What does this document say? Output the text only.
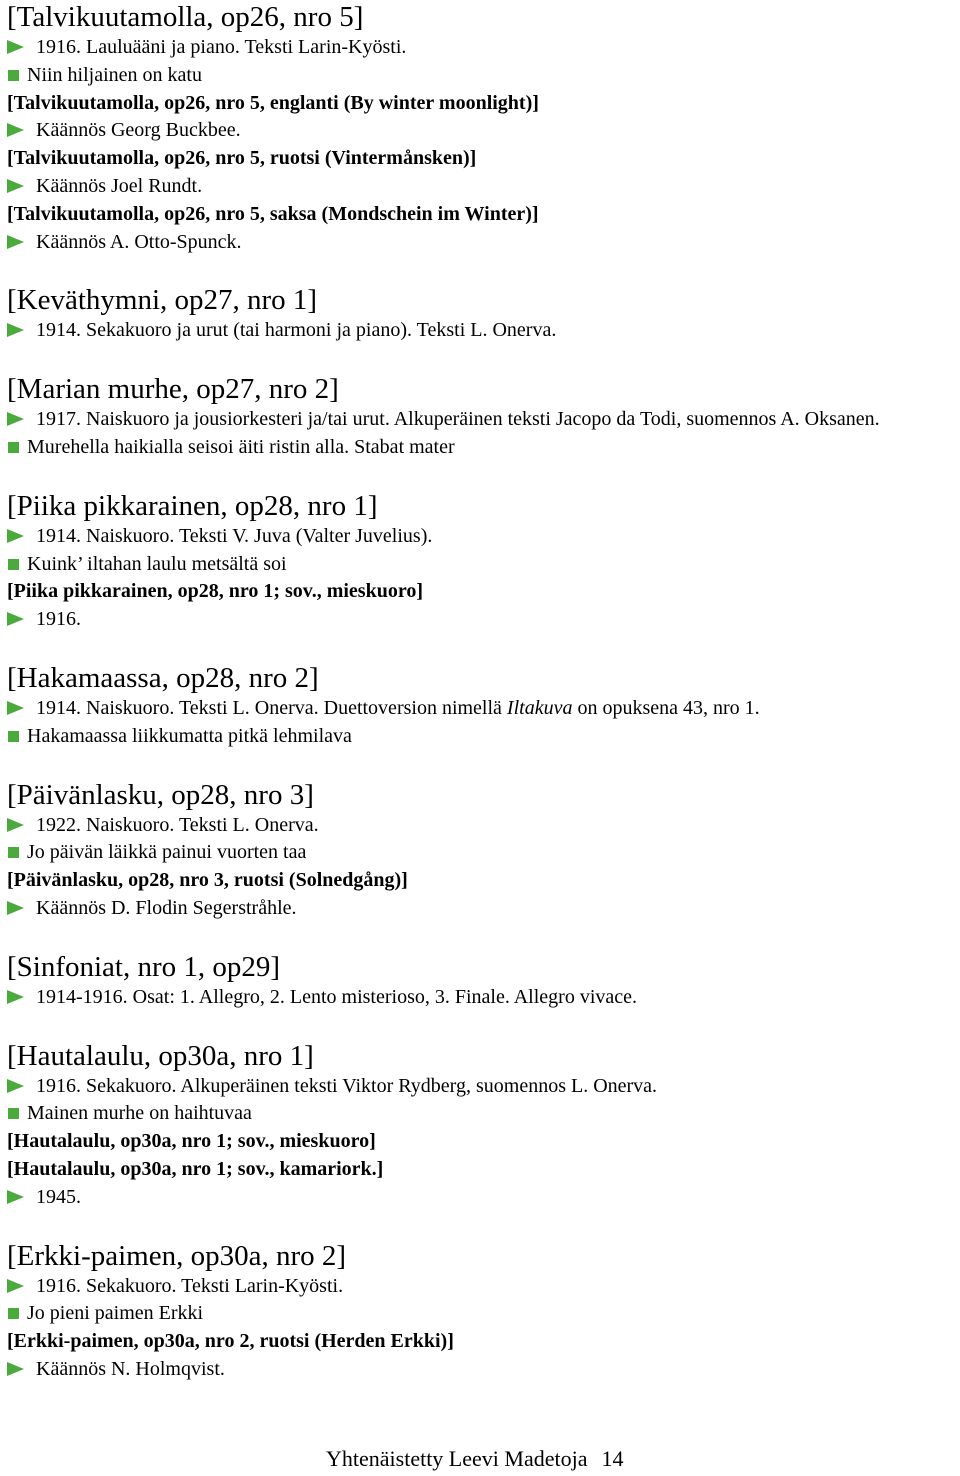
[Talvikuutamolla, op26, nro 5]
1916. Lauluääni ja piano. Teksti Larin-Kyösti.
Niin hiljainen on katu
[Talvikuutamolla, op26, nro 5, englanti (By winter moonlight)]
Käännös Georg Buckbee.
[Talvikuutamolla, op26, nro 5, ruotsi (Vintermånsken)]
Käännös Joel Rundt.
[Talvikuutamolla, op26, nro 5, saksa (Mondschein im Winter)]
Käännös A. Otto-Spunck.
[Keväthymni, op27, nro 1]
1914. Sekakuoro ja urut (tai harmoni ja piano). Teksti L. Onerva.
[Marian murhe, op27, nro 2]
1917. Naiskuoro ja jousiorkesteri ja/tai urut. Alkuperäinen teksti Jacopo da Todi, suomennos A. Oksanen.
Murehella haikialla seisoi äiti ristin alla. Stabat mater
[Piika pikkarainen, op28, nro 1]
1914. Naiskuoro. Teksti V. Juva (Valter Juvelius).
Kuink’ iltahan laulu metsältä soi
[Piika pikkarainen, op28, nro 1; sov., mieskuoro]
1916.
[Hakamaassa, op28, nro 2]
1914. Naiskuoro. Teksti L. Onerva. Duettoversion nimellä Iltakuva on opuksena 43, nro 1.
Hakamaassa liikkumatta pitkä lehmilava
[Päivänlasku, op28, nro 3]
1922. Naiskuoro. Teksti L. Onerva.
Jo päivän läikkä painui vuorten taa
[Päivänlasku, op28, nro 3, ruotsi (Solnedgång)]
Käännös D. Flodin Segerstråhle.
[Sinfoniat, nro 1, op29]
1914-1916. Osat: 1. Allegro, 2. Lento misterioso, 3. Finale. Allegro vivace.
[Hautalaulu, op30a, nro 1]
1916. Sekakuoro. Alkuperäinen teksti Viktor Rydberg, suomennos L. Onerva.
Mainen murhe on haihtuvaa
[Hautalaulu, op30a, nro 1; sov., mieskuoro]
[Hautalaulu, op30a, nro 1; sov., kamariork.]
1945.
[Erkki-paimen, op30a, nro 2]
1916. Sekakuoro. Teksti Larin-Kyösti.
Jo pieni paimen Erkki
[Erkki-paimen, op30a, nro 2, ruotsi (Herden Erkki)]
Käännös N. Holmqvist.
Yhtenäistetty Leevi Madetoja 14
